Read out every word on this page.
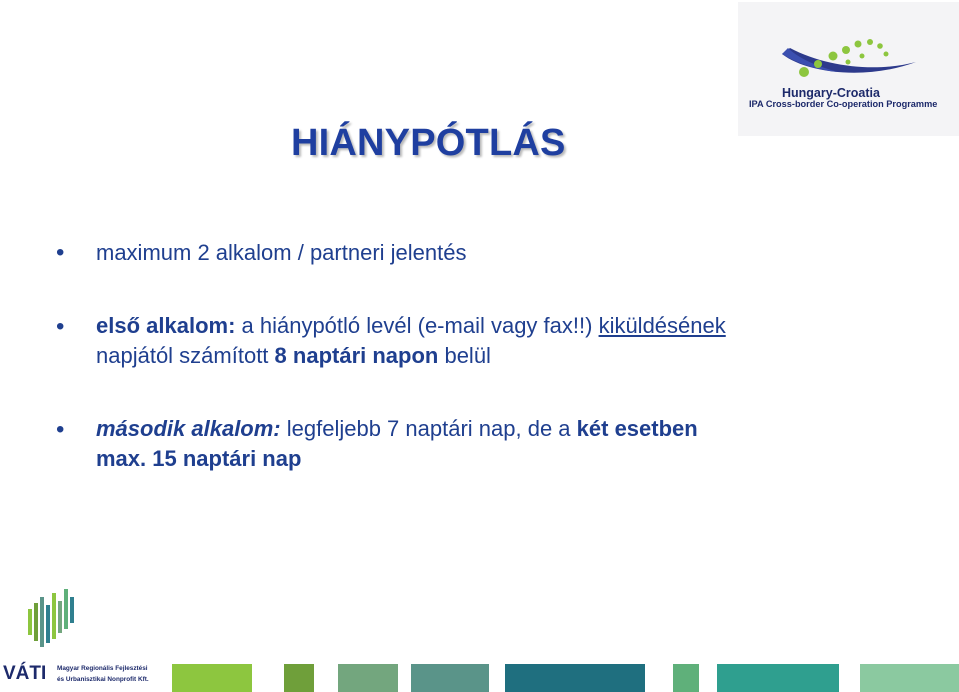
Hungary-Croatia
IPA Cross-border Co-operation Programme
HIÁNYPÓTLÁS
• maximum 2 alkalom / partneri jelentés
• első alkalom: a hiánypótló levél (e-mail vagy fax!!) kiküldésének
napjától számított 8 naptári napon belül
• második alkalom: legfeljebb 7 naptári nap, de a két esetben
max. 15 naptári nap
VÁTI Magyar Regionális Fejlesztési
és Urbanisztikai Nonprofit Kft.
